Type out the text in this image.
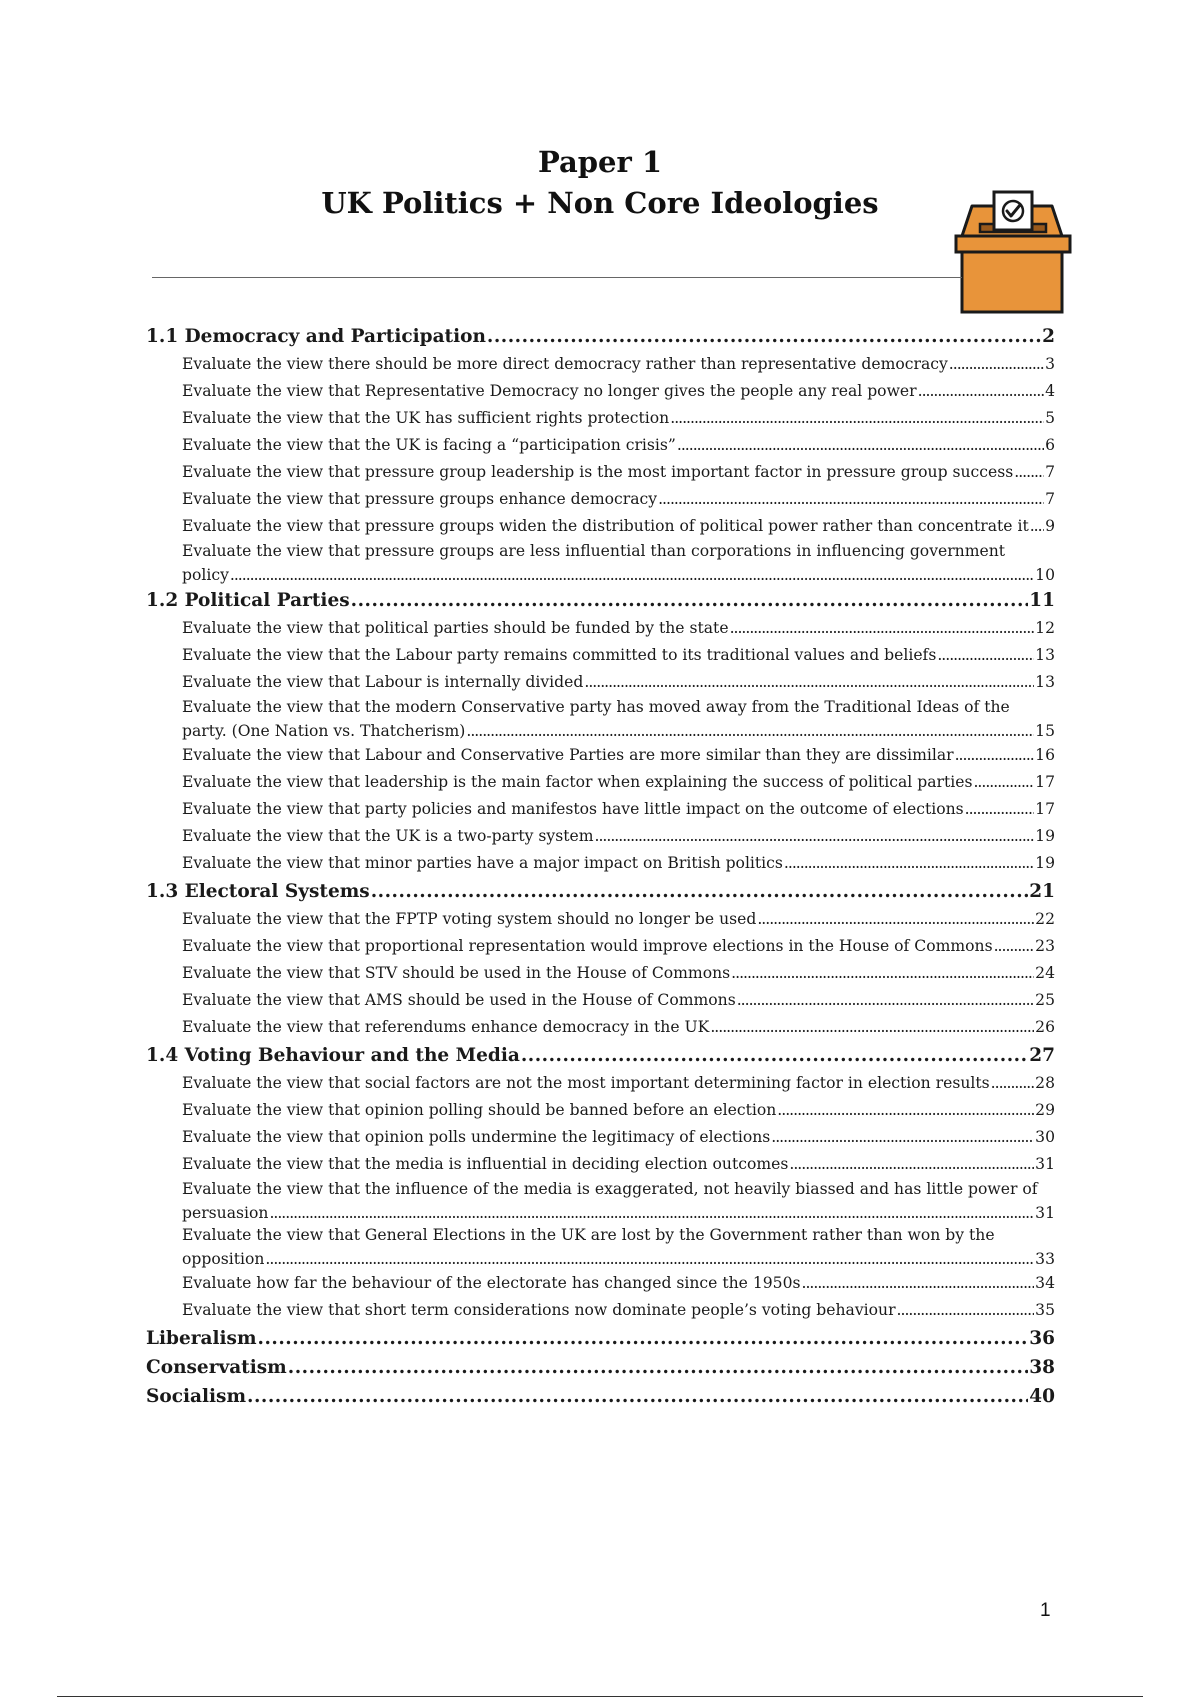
Paper 1
UK Politics + Non Core Ideologies
1.1 Democracy and Participation .....	2
Evaluate the view there should be more direct democracy rather than representative democracy .....	3
Evaluate the view that Representative Democracy no longer gives the people any real power .....	4
Evaluate the view that the UK has sufficient rights protection .....	5
Evaluate the view that the UK is facing a “participation crisis” .....	6
Evaluate the view that pressure group leadership is the most important factor in pressure group success ..... 7
Evaluate the view that pressure groups enhance democracy .....	7
Evaluate the view that pressure groups widen the distribution of political power rather than concentrate it ..... 9
Evaluate the view that pressure groups are less influential than corporations in influencing government
policy .....	10
1.2 Political Parties .....	11
Evaluate the view that political parties should be funded by the state .....	12
Evaluate the view that the Labour party remains committed to its traditional values and beliefs .....	13
Evaluate the view that Labour is internally divided .....	13
Evaluate the view that the modern Conservative party has moved away from the Traditional Ideas of the
party. (One Nation vs. Thatcherism) .....	15
Evaluate the view that Labour and Conservative Parties are more similar than they are dissimilar .....	16
Evaluate the view that leadership is the main factor when explaining the success of political parties .....	17
Evaluate the view that party policies and manifestos have little impact on the outcome of elections .....	17
Evaluate the view that the UK is a two-party system .....	19
Evaluate the view that minor parties have a major impact on British politics .....	19
1.3 Electoral Systems .....	21
Evaluate the view that the FPTP voting system should no longer be used .....	22
Evaluate the view that proportional representation would improve elections in the House of Commons .....	23
Evaluate the view that STV should be used in the House of Commons .....	24
Evaluate the view that AMS should be used in the House of Commons .....	25
Evaluate the view that referendums enhance democracy in the UK .....	26
1.4 Voting Behaviour and the Media .....	27
Evaluate the view that social factors are not the most important determining factor in election results .....	28
Evaluate the view that opinion polling should be banned before an election .....	29
Evaluate the view that opinion polls undermine the legitimacy of elections .....	30
Evaluate the view that the media is influential in deciding election outcomes .....	31
Evaluate the view that the influence of the media is exaggerated, not heavily biassed and has little power of
persuasion .....	31
Evaluate the view that General Elections in the UK are lost by the Government rather than won by the
opposition .....	33
Evaluate how far the behaviour of the electorate has changed since the 1950s .....	34
Evaluate the view that short term considerations now dominate people’s voting behaviour .....	35
Liberalism .....	36
Conservatism .....	38
Socialism .....	40
1
